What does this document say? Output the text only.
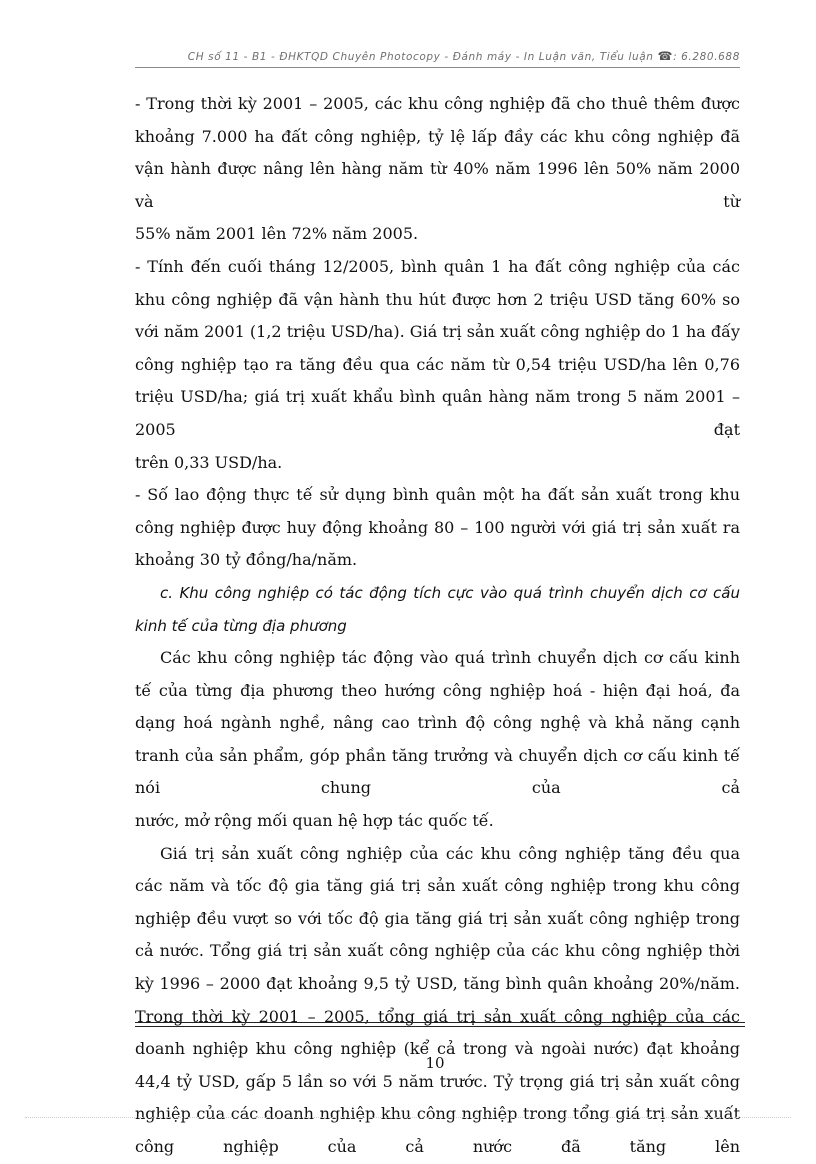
CH số 11 - B1 - ĐHKTQD Chuyên Photocopy - Đánh máy - In Luận văn, Tiểu luận ☎: 6.280.688

- Trong thời kỳ 2001 – 2005, các khu công nghiệp đã cho thuê thêm được khoảng 7.000 ha đất công nghiệp, tỷ lệ lấp đầy các khu công nghiệp đã vận hành được nâng lên hàng năm từ 40% năm 1996 lên 50% năm 2000 và từ

55% năm 2001 lên 72% năm 2005.

- Tính đến cuối tháng 12/2005, bình quân 1 ha đất công nghiệp của các khu công nghiệp đã vận hành thu hút được hơn 2 triệu USD tăng 60% so với năm 2001 (1,2 triệu USD/ha). Giá trị sản xuất công nghiệp do 1 ha đấy công nghiệp tạo ra tăng đều qua các năm từ 0,54 triệu USD/ha lên 0,76 triệu USD/ha; giá trị xuất khẩu bình quân hàng năm trong 5 năm 2001 – 2005 đạt

trên 0,33 USD/ha.

- Số lao động thực tế sử dụng bình quân một ha đất sản xuất trong khu công nghiệp được huy động khoảng 80 – 100 người với giá trị sản xuất ra

khoảng 30 tỷ đồng/ha/năm.

c. Khu công nghiệp có tác động tích cực vào quá trình chuyển dịch cơ cấu

kinh tế của từng địa phương

Các khu công nghiệp tác động vào quá trình chuyển dịch cơ cấu kinh tế của từng địa phương theo hướng công nghiệp hoá - hiện đại hoá, đa dạng hoá ngành nghề, nâng cao trình độ công nghệ và khả năng cạnh tranh của sản phẩm, góp phần tăng trưởng và chuyển dịch cơ cấu kinh tế nói chung của cả

nước, mở rộng mối quan hệ hợp tác quốc tế.

Giá trị sản xuất công nghiệp của các khu công nghiệp tăng đều qua các năm và tốc độ gia tăng giá trị sản xuất công nghiệp trong khu công nghiệp đều vượt so với tốc độ gia tăng giá trị sản xuất công nghiệp trong cả nước. Tổng giá trị sản xuất công nghiệp của các khu công nghiệp thời kỳ 1996 – 2000 đạt khoảng 9,5 tỷ USD, tăng bình quân khoảng 20%/năm. Trong thời kỳ 2001 – 2005, tổng giá trị sản xuất công nghiệp của các doanh nghiệp khu công nghiệp (kể cả trong và ngoài nước) đạt khoảng 44,4 tỷ USD, gấp 5 lần so với 5 năm trước. Tỷ trọng giá trị sản xuất công nghiệp của các doanh nghiệp khu công nghiệp trong tổng giá trị sản xuất công nghiệp của cả nước đã tăng lên

10
